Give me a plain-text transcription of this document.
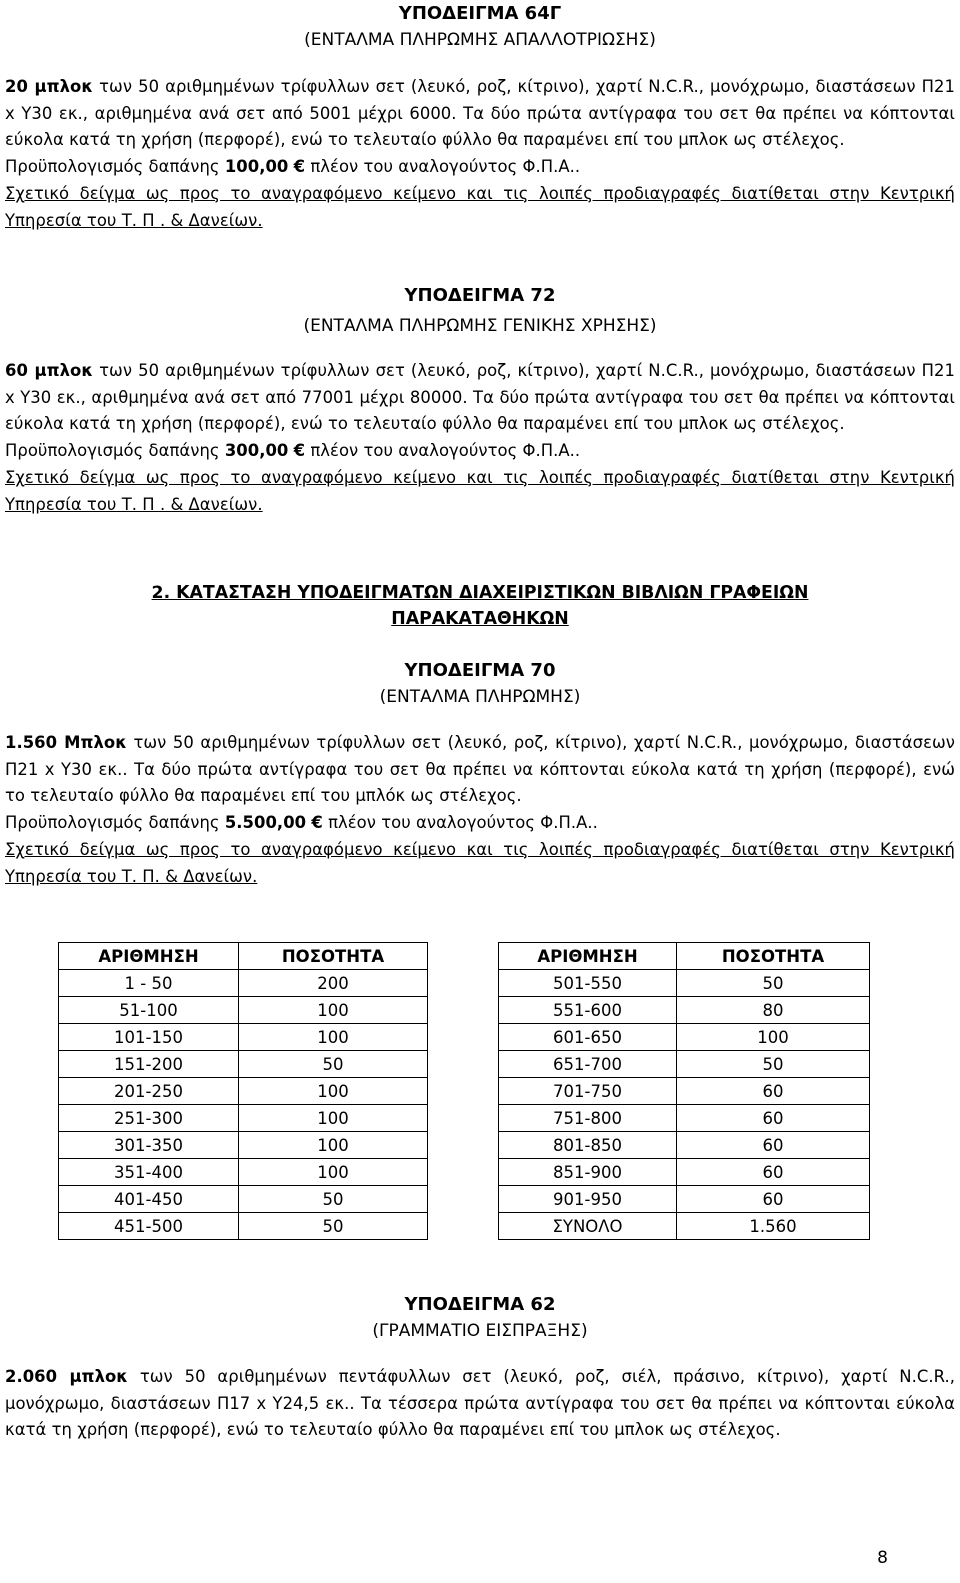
ΥΠΟΔΕΙΓΜΑ 64Γ
(ΕΝΤΑΛΜΑ ΠΛΗΡΩΜΗΣ ΑΠΑΛΛΟΤΡΙΩΣΗΣ)

20 μπλοκ των 50 αριθμημένων τρίφυλλων σετ (λευκό, ροζ, κίτρινο), χαρτί N.C.R., μονόχρωμο, διαστάσεων Π21 x Υ30 εκ., αριθμημένα ανά σετ από 5001 μέχρι 6000. Τα δύο πρώτα αντίγραφα του σετ θα πρέπει να κόπτονται εύκολα κατά τη χρήση (περφορέ), ενώ το τελευταίο φύλλο θα παραμένει επί του μπλοκ ως στέλεχος.

Προϋπολογισμός δαπάνης 100,00 € πλέον του αναλογούντος Φ.Π.Α..

Σχετικό δείγμα ως προς το αναγραφόμενο κείμενο και τις λοιπές προδιαγραφές διατίθεται στην Κεντρική Υπηρεσία του Τ. Π . & Δανείων.

ΥΠΟΔΕΙΓΜΑ 72
(ΕΝΤΑΛΜΑ ΠΛΗΡΩΜΗΣ ΓΕΝΙΚΗΣ ΧΡΗΣΗΣ)

60 μπλοκ των 50 αριθμημένων τρίφυλλων σετ (λευκό, ροζ, κίτρινο), χαρτί N.C.R., μονόχρωμο, διαστάσεων Π21 x Υ30 εκ., αριθμημένα ανά σετ από 77001 μέχρι 80000. Τα δύο πρώτα αντίγραφα του σετ θα πρέπει να κόπτονται εύκολα κατά τη χρήση (περφορέ), ενώ το τελευταίο φύλλο θα παραμένει επί του μπλοκ ως στέλεχος.

Προϋπολογισμός δαπάνης 300,00 € πλέον του αναλογούντος Φ.Π.Α..

Σχετικό δείγμα ως προς το αναγραφόμενο κείμενο και τις λοιπές προδιαγραφές διατίθεται στην Κεντρική Υπηρεσία του Τ. Π . & Δανείων.

2. ΚΑΤΑΣΤΑΣΗ ΥΠΟΔΕΙΓΜΑΤΩΝ ΔΙΑΧΕΙΡΙΣΤΙΚΩΝ ΒΙΒΛΙΩΝ ΓΡΑΦΕΙΩΝ
ΠΑΡΑΚΑΤΑΘΗΚΩΝ
ΥΠΟΔΕΙΓΜΑ 70
(ΕΝΤΑΛΜΑ ΠΛΗΡΩΜΗΣ)

1.560 Μπλοκ των 50 αριθμημένων τρίφυλλων σετ (λευκό, ροζ, κίτρινο), χαρτί N.C.R., μονόχρωμο, διαστάσεων Π21 x Υ30 εκ.. Τα δύο πρώτα αντίγραφα του σετ θα πρέπει να κόπτονται εύκολα κατά τη χρήση (περφορέ), ενώ το τελευταίο φύλλο θα παραμένει επί του μπλόκ ως στέλεχος.

Προϋπολογισμός δαπάνης 5.500,00 € πλέον του αναλογούντος Φ.Π.Α..

Σχετικό δείγμα ως προς το αναγραφόμενο κείμενο και τις λοιπές προδιαγραφές διατίθεται στην Κεντρική Υπηρεσία του Τ. Π. & Δανείων.

ΑΡΙΘΜΗΣΗ	ΠΟΣΟΤΗΤΑ
1 - 50	200
51-100	100
101-150	100
151-200	50
201-250	100
251-300	100
301-350	100
351-400	100
401-450	50
451-500	50
ΑΡΙΘΜΗΣΗ	ΠΟΣΟΤΗΤΑ
501-550	50
551-600	80
601-650	100
651-700	50
701-750	60
751-800	60
801-850	60
851-900	60
901-950	60
ΣΥΝΟΛΟ	1.560
ΥΠΟΔΕΙΓΜΑ 62
(ΓΡΑΜΜΑΤΙΟ ΕΙΣΠΡΑΞΗΣ)

2.060 μπλοκ των 50 αριθμημένων πεντάφυλλων σετ (λευκό, ροζ, σιέλ, πράσινο, κίτρινο), χαρτί N.C.R., μονόχρωμο, διαστάσεων Π17 x Υ24,5 εκ.. Τα τέσσερα πρώτα αντίγραφα του σετ θα πρέπει να κόπτονται εύκολα κατά τη χρήση (περφορέ), ενώ το τελευταίο φύλλο θα παραμένει επί του μπλοκ ως στέλεχος.

8
